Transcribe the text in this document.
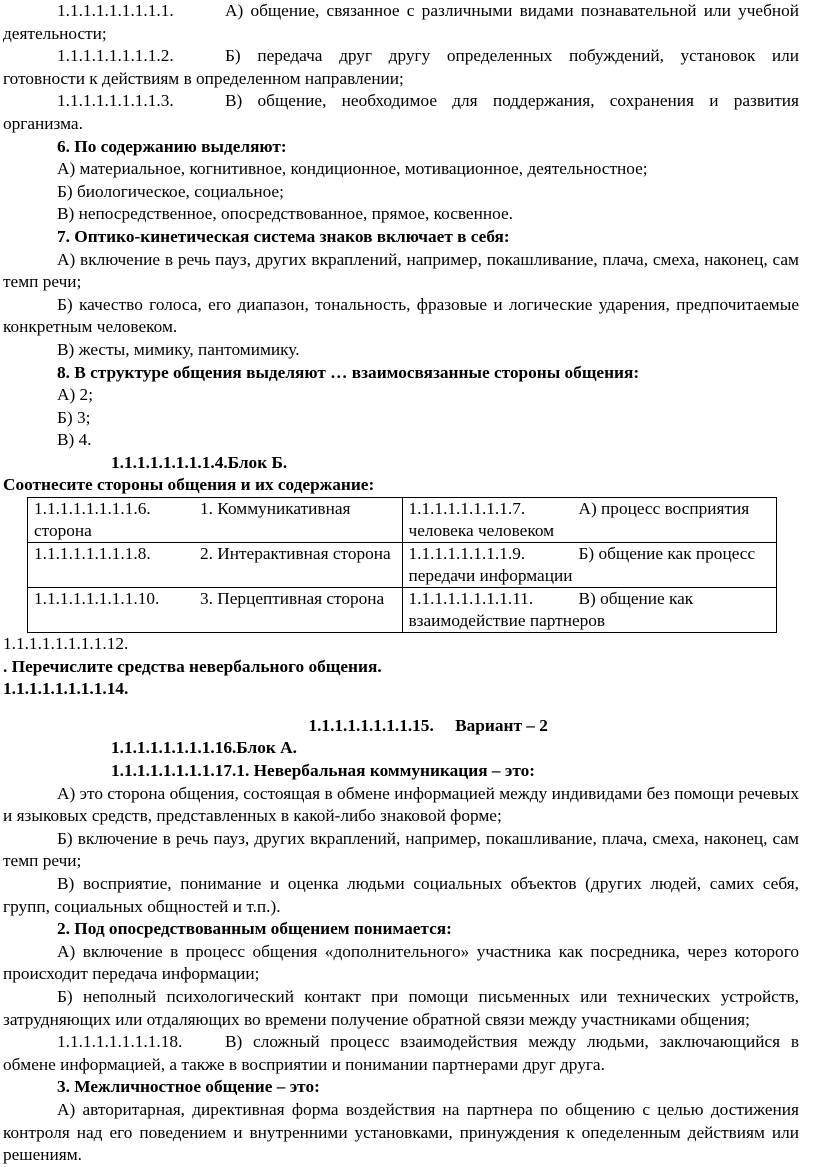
1.1.1.1.1.1.1.1.1.	А) общение, связанное с различными видами познавательной или учебной деятельности;

1.1.1.1.1.1.1.1.2.	Б) передача друг другу определенных побуждений, установок или готовности к действиям в определенном направлении;

1.1.1.1.1.1.1.1.3.	В) общение, необходимое для поддержания, сохранения и развития организма.

6. По содержанию выделяют:

А) материальное, когнитивное, кондиционное, мотивационное, деятельностное;

Б) биологическое, социальное;

В) непосредственное, опосредствованное, прямое, косвенное.

7. Оптико-кинетическая система знаков включает в себя:

А) включение в речь пауз, других вкраплений, например, покашливание, плача, смеха, наконец, сам темп речи;

Б) качество голоса, его диапазон, тональность, фразовые и логические ударения, предпочитаемые конкретным человеком.

В) жесты, мимику, пантомимику.

8. В структуре общения выделяют … взаимосвязанные стороны общения:

А) 2;

Б) 3;

В) 4.

1.1.1.1.1.1.1.1.4.Блок Б.

Соотнесите стороны общения и их содержание:

1.1.1.1.1.1.1.1.6. 1. Коммуникативная сторона	1.1.1.1.1.1.1.1.7. А) процесс восприятия человека человеком
1.1.1.1.1.1.1.1.8. 2. Интерактивная сторона	1.1.1.1.1.1.1.1.9. Б) общение как процесс передачи информации
1.1.1.1.1.1.1.1.10. 3. Перцептивная сторона	1.1.1.1.1.1.1.1.11. В) общение как взаимодействие партнеров

1.1.1.1.1.1.1.1.12.

. Перечислите средства невербального общения.

1.1.1.1.1.1.1.1.14.

1.1.1.1.1.1.1.1.15. Вариант – 2

1.1.1.1.1.1.1.1.16.Блок А.

1.1.1.1.1.1.1.1.17.1. Невербальная коммуникация – это:

А) это сторона общения, состоящая в обмене информацией между индивидами без помощи речевых и языковых средств, представленных в какой-либо знаковой форме;

Б) включение в речь пауз, других вкраплений, например, покашливание, плача, смеха, наконец, сам темп речи;

В) восприятие, понимание и оценка людьми социальных объектов (других людей, самих себя, групп, социальных общностей и т.п.).

2. Под опосредствованным общением понимается:

А) включение в процесс общения «дополнительного» участника как посредника, через которого происходит передача информации;

Б) неполный психологический контакт при помощи письменных или технических устройств, затрудняющих или отдаляющих во времени получение обратной связи между участниками общения;

1.1.1.1.1.1.1.1.18. В) сложный процесс взаимодействия между людьми, заключающийся в обмене информацией, а также в восприятии и понимании партнерами друг друга.

3. Межличностное общение – это:

А) авторитарная, директивная форма воздействия на партнера по общению с целью достижения контроля над его поведением и внутренними установками, принуждения к опеделенным действиям или решениям.
